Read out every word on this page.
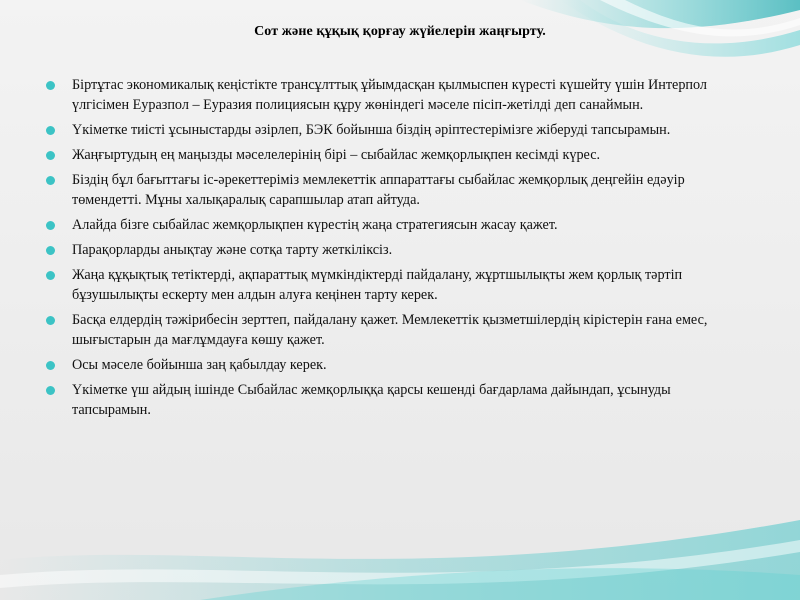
Сот және құқық қорғау жүйелерін жаңғырту.
Біртұтас экономикалық кеңістікте трансұлттық ұйымдасқан қылмыспен күресті күшейту үшін Интерпол үлгісімен Еуразпол – Еуразия полициясын құру жөніндегі мәселе пісіп-жетілді деп санаймын.
Үкіметке тиісті ұсыныстарды әзірлеп, БЭК бойынша біздің әріптестерімізге жіберуді тапсырамын.
Жаңғыртудың ең маңызды мәселелерінің бірі – сыбайлас жемқорлықпен кесімді күрес.
Біздің бұл бағыттағы іс-әрекеттеріміз мемлекеттік аппараттағы сыбайлас жемқорлық деңгейін едәуір төмендетті. Мұны халықаралық сарапшылар атап айтуда.
Алайда бізге сыбайлас жемқорлықпен күрестің жаңа стратегиясын жасау қажет.
Парақорларды анықтау және сотқа тарту жеткіліксіз.
Жаңа құқықтық тетіктерді, ақпараттық мүмкіндіктерді пайдалану, жұртшылықты жем қорлық тәртіп бұзушылықты ескерту мен алдын алуға кеңінен тарту керек.
Басқа елдердің тәжірибесін зерттеп, пайдалану қажет. Мемлекеттік қызметшілердің кірістерін ғана емес, шығыстарын да мағлұмдауға көшу қажет.
Осы мәселе бойынша заң қабылдау керек.
Үкіметке үш айдың ішінде Сыбайлас жемқорлыққа қарсы кешенді бағдарлама дайындап, ұсынуды тапсырамын.
